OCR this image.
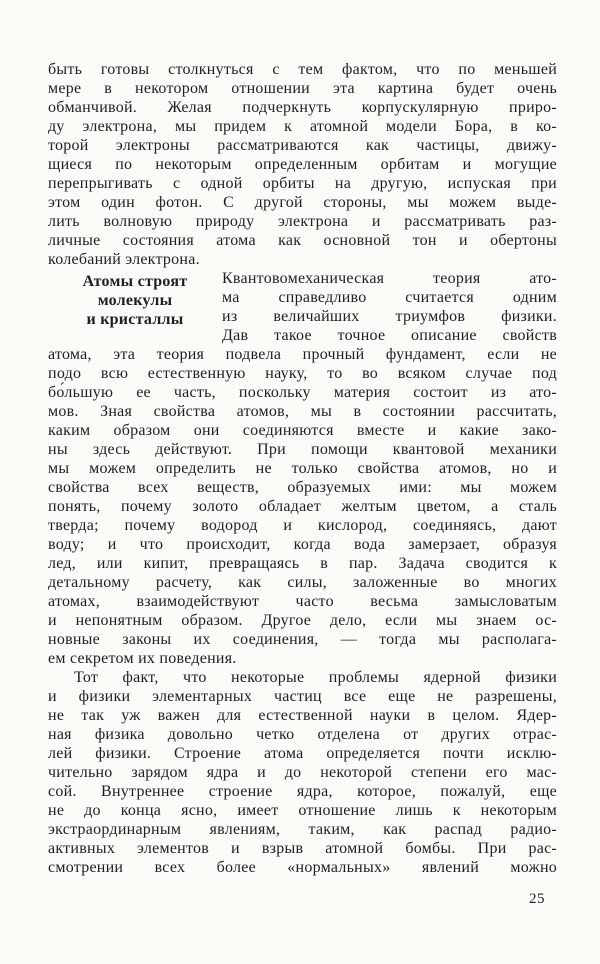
быть готовы столкнуться с тем фактом, что по меньшей
мере в некотором отношении эта картина будет очень
обманчивой. Желая подчеркнуть корпускулярную приро-
ду электрона, мы придем к атомной модели Бора, в ко-
торой электроны рассматриваются как частицы, движу-
щиеся по некоторым определенным орбитам и могущие
перепрыгивать с одной орбиты на другую, испуская при
этом один фотон. С другой стороны, мы можем выде-
лить волновую природу электрона и рассматривать раз-
личные состояния атома как основной тон и обертоны
колебаний электрона.
Атомы строят
молекулы
и кристаллы
Квантовомеханическая теория ато-
ма справедливо считается одним
из величайших триумфов физики.
Дав такое точное описание свойств
атома, эта теория подвела прочный фундамент, если не
подо всю естественную науку, то во всяком случае под
бо́льшую ее часть, поскольку материя состоит из ато-
мов. Зная свойства атомов, мы в состоянии рассчитать,
каким образом они соединяются вместе и какие зако-
ны здесь действуют. При помощи квантовой механики
мы можем определить не только свойства атомов, но и
свойства всех веществ, образуемых ими: мы можем
понять, почему золото обладает желтым цветом, а сталь
тверда; почему водород и кислород, соединяясь, дают
воду; и что происходит, когда вода замерзает, образуя
лед, или кипит, превращаясь в пар. Задача сводится к
детальному расчету, как силы, заложенные во многих
атомах, взаимодействуют часто весьма замысловатым
и непонятным образом. Другое дело, если мы знаем ос-
новные законы их соединения, — тогда мы располага-
ем секретом их поведения.
Тот факт, что некоторые проблемы ядерной физики
и физики элементарных частиц все еще не разрешены,
не так уж важен для естественной науки в целом. Ядер-
ная физика довольно четко отделена от других отрас-
лей физики. Строение атома определяется почти исклю-
чительно зарядом ядра и до некоторой степени его мас-
сой. Внутреннее строение ядра, которое, пожалуй, еще
не до конца ясно, имеет отношение лишь к некоторым
экстраординарным явлениям, таким, как распад радио-
активных элементов и взрыв атомной бомбы. При рас-
смотрении всех более «нормальных» явлений можно
25
